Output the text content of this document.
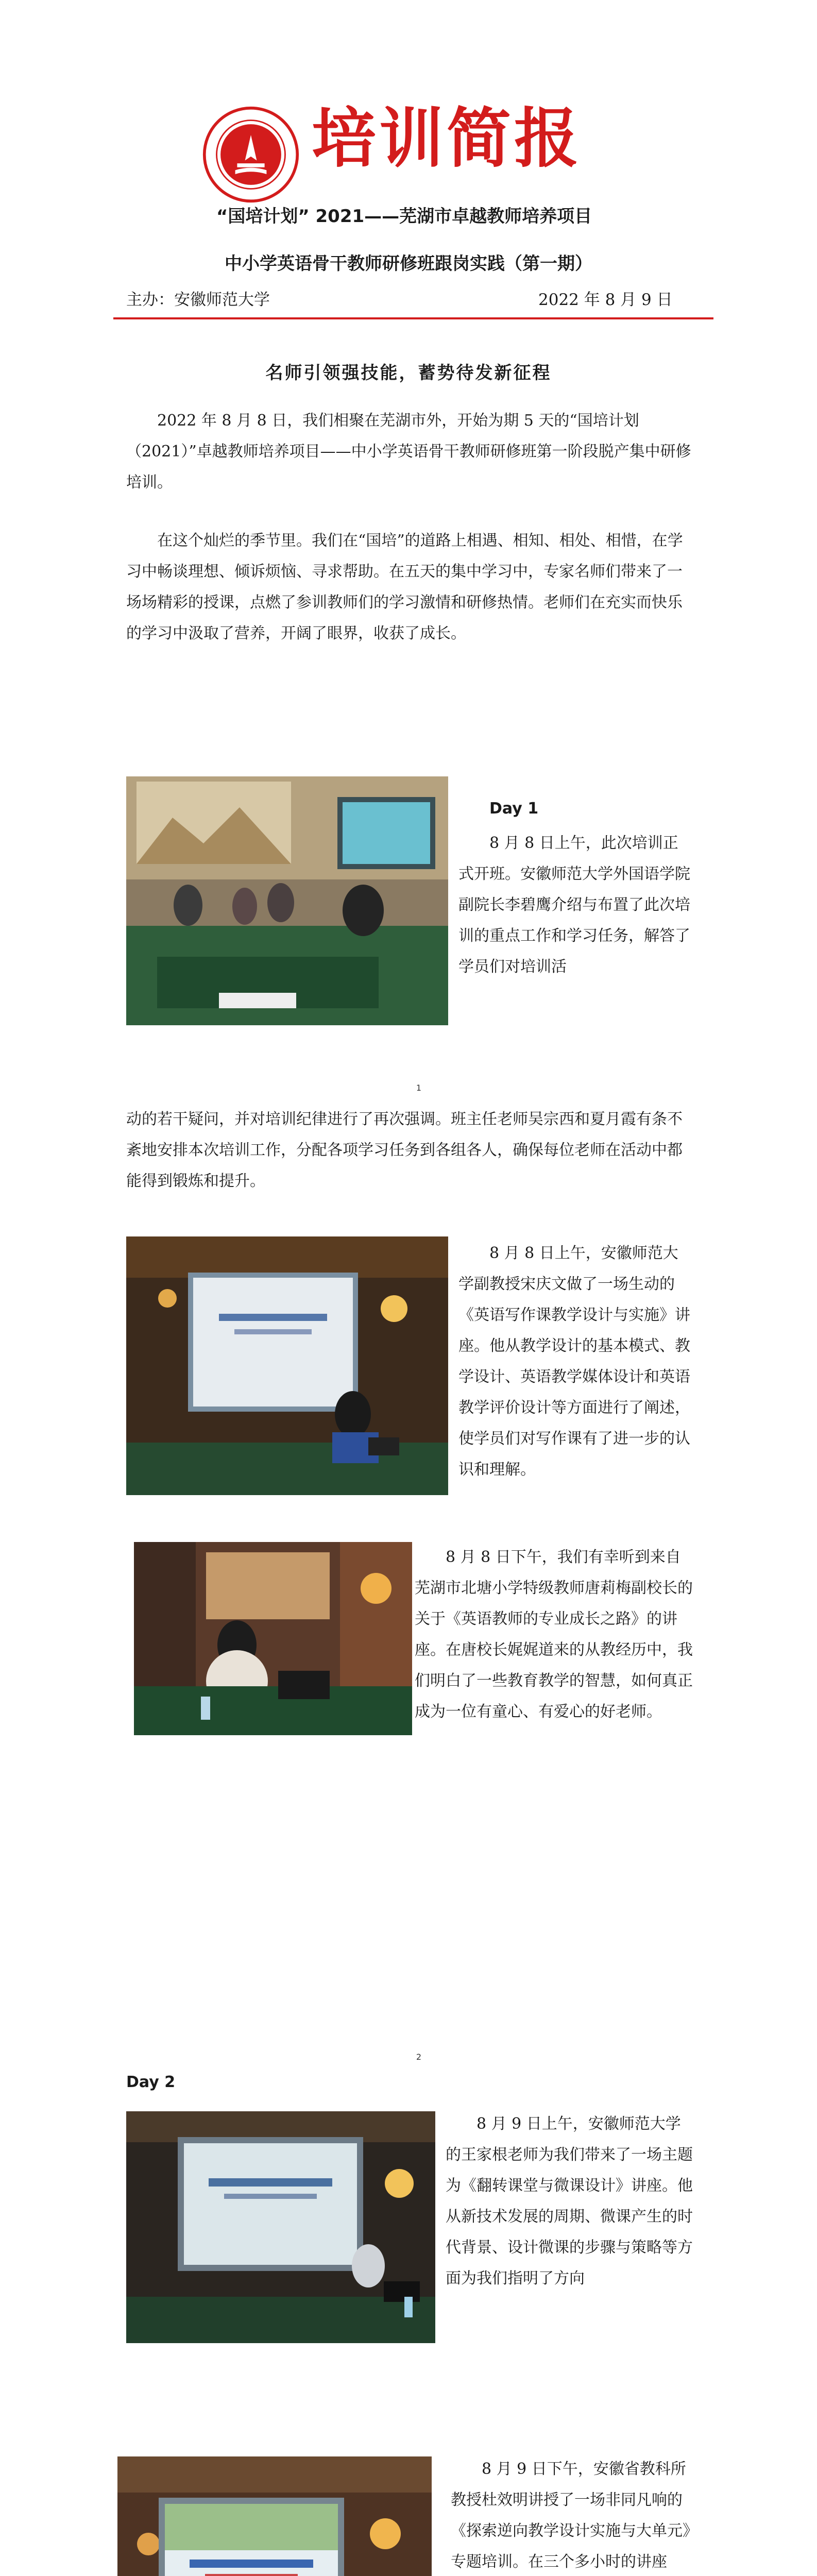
培训简报
“国培计划” 2021——芜湖市卓越教师培养项目
中小学英语骨干教师研修班跟岗实践（第一期）
主办：安徽师范大学	2022 年 8 月 9 日
名师引领强技能，蓄势待发新征程
2022 年 8 月 8 日，我们相聚在芜湖市外，开始为期 5 天的“国培计划（2021）”卓越教师培养项目——中小学英语骨干教师研修班第一阶段脱产集中研修培训。
在这个灿烂的季节里。我们在“国培”的道路上相遇、相知、相处、相惜，在学习中畅谈理想、倾诉烦恼、寻求帮助。在五天的集中学习中，专家名师们带来了一场场精彩的授课，点燃了参训教师们的学习激情和研修热情。老师们在充实而快乐的学习中汲取了营养，开阔了眼界，收获了成长。
Day 1
8 月 8 日上午，此次培训正式开班。安徽师范大学外国语学院副院长李碧鹰介绍与布置了此次培训的重点工作和学习任务，解答了学员们对培训活
1
动的若干疑问，并对培训纪律进行了再次强调。班主任老师吴宗西和夏月霞有条不紊地安排本次培训工作，分配各项学习任务到各组各人，确保每位老师在活动中都能得到锻炼和提升。
8 月 8 日上午，安徽师范大学副教授宋庆文做了一场生动的《英语写作课教学设计与实施》讲座。他从教学设计的基本模式、教学设计、英语教学媒体设计和英语教学评价设计等方面进行了阐述，使学员们对写作课有了进一步的认识和理解。
8 月 8 日下午，我们有幸听到来自芜湖市北塘小学特级教师唐莉梅副校长的关于《英语教师的专业成长之路》的讲座。在唐校长娓娓道来的从教经历中，我们明白了一些教育教学的智慧，如何真正成为一位有童心、有爱心的好老师。
2
Day 2
8 月 9 日上午，安徽师范大学的王家根老师为我们带来了一场主题为《翻转课堂与微课设计》讲座。他从新技术发展的周期、微课产生的时代背景、设计微课的步骤与策略等方面为我们指明了方向
8 月 9 日下午，安徽省教科所教授杜效明讲授了一场非同凡响的《探索逆向教学设计实施与大单元》专题培训。在三个多小时的讲座
